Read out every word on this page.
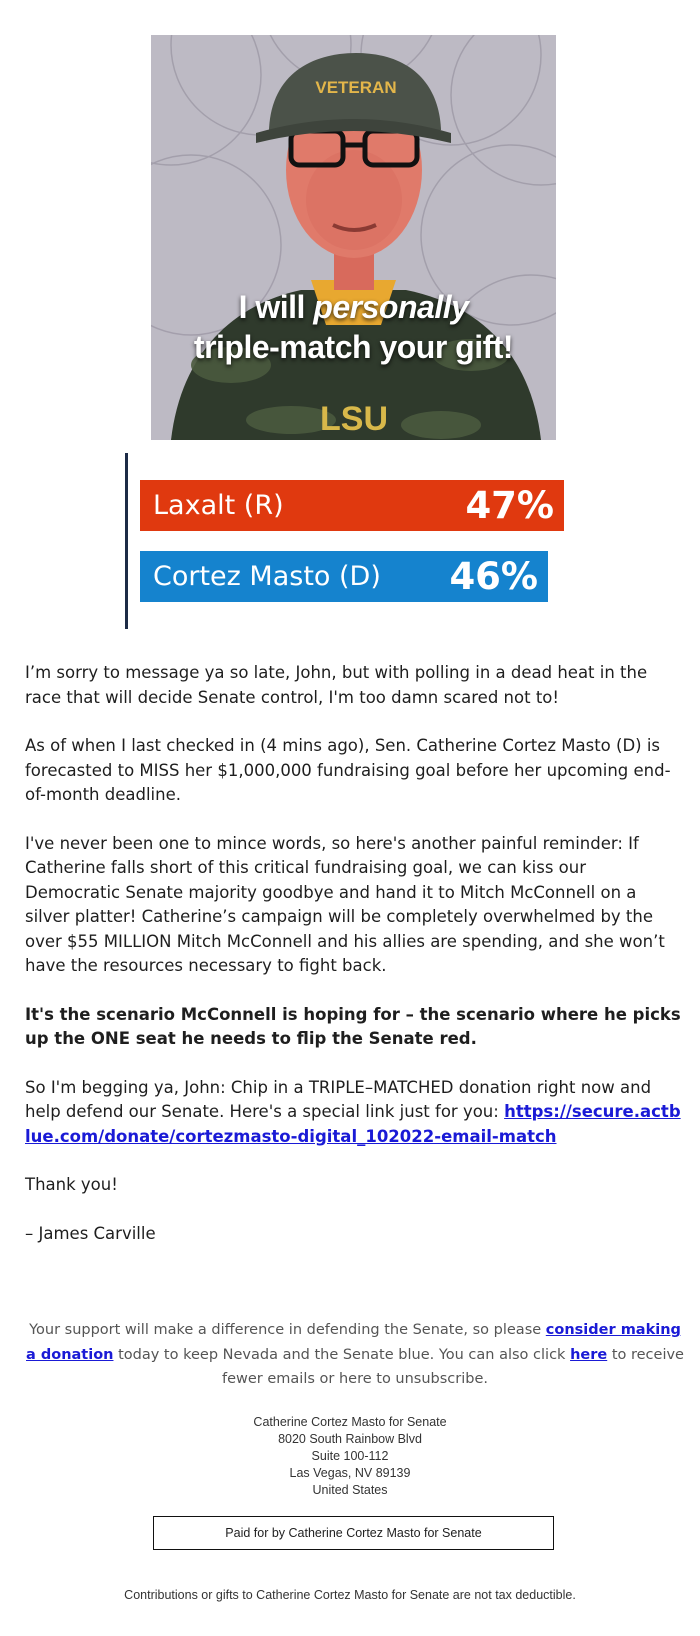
VETERAN
LSU
I will personally
triple-match your gift!
Laxalt (R)	47%
Cortez Masto (D) 46%

I’m sorry to message ya so late, John, but with polling in a dead heat in the race that will decide Senate control, I'm too damn scared not to!

As of when I last checked in (4 mins ago), Sen. Catherine Cortez Masto (D) is forecasted to MISS her $1,000,000 fundraising goal before her upcoming end-of-month deadline.

I've never been one to mince words, so here's another painful reminder: If Catherine falls short of this critical fundraising goal, we can kiss our Democratic Senate majority goodbye and hand it to Mitch McConnell on a silver platter! Catherine’s campaign will be completely overwhelmed by the over $55 MILLION Mitch McConnell and his allies are spending, and she won’t have the resources necessary to fight back.

It's the scenario McConnell is hoping for – the scenario where he picks up the ONE seat he needs to flip the Senate red.

So I'm begging ya, John: Chip in a TRIPLE–MATCHED donation right now and help defend our Senate. Here's a special link just for you: https://secure.actblue.com/donate/cortezmasto-digital_102022-email-match

Thank you!

– James Carville

Your support will make a difference in defending the Senate, so please consider making a donation today to keep Nevada and the Senate blue. You can also click here to receive fewer emails or here to unsubscribe.
Catherine Cortez Masto for Senate
8020 South Rainbow Blvd
Suite 100-112
Las Vegas, NV 89139
United States
Paid for by Catherine Cortez Masto for Senate
Contributions or gifts to Catherine Cortez Masto for Senate are not tax deductible.
